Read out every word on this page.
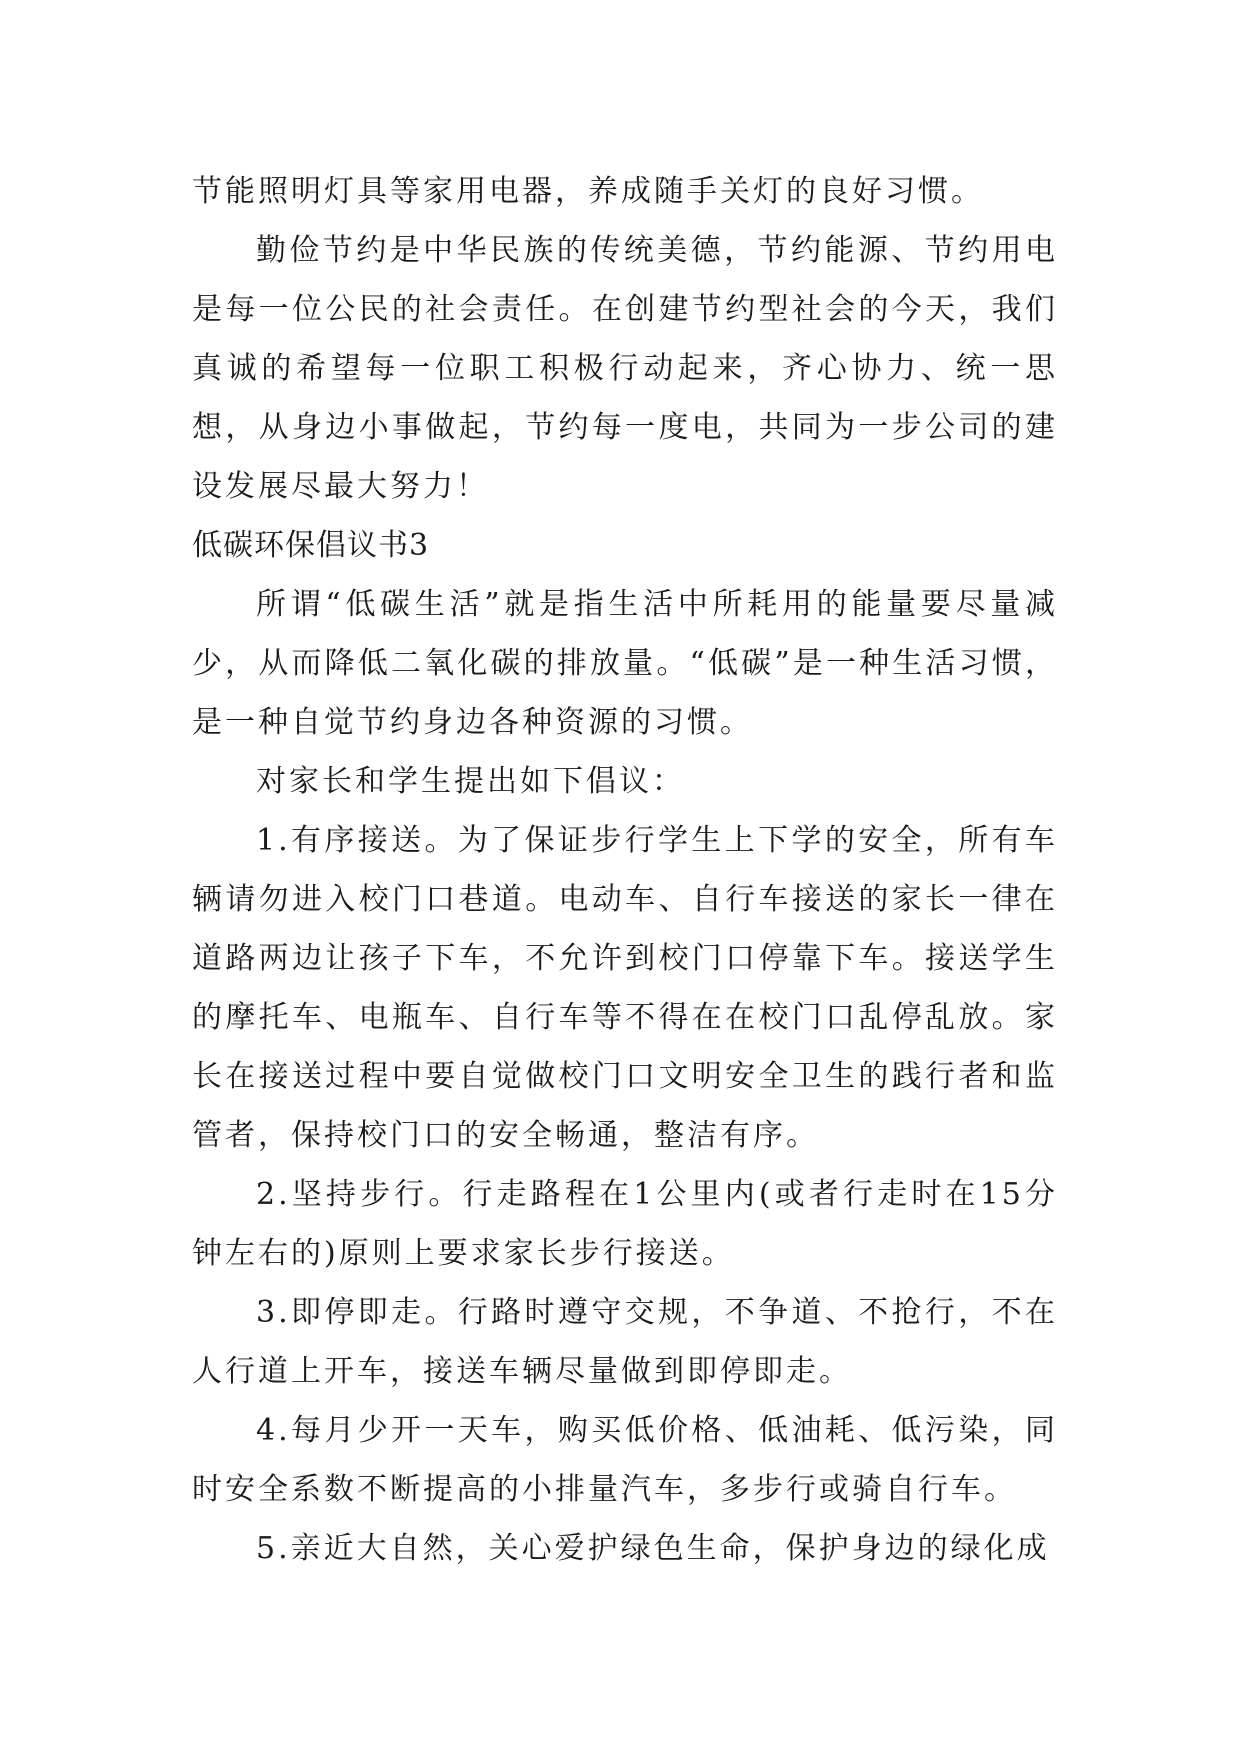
节能照明灯具等家用电器，养成随手关灯的良好习惯。

勤俭节约是中华民族的传统美德，节约能源、节约用电是每一位公民的社会责任。在创建节约型社会的今天，我们真诚的希望每一位职工积极行动起来，齐心协力、统一思想，从身边小事做起，节约每一度电，共同为一步公司的建设发展尽最大努力！

低碳环保倡议书3

所谓“低碳生活”就是指生活中所耗用的能量要尽量减少，从而降低二氧化碳的排放量。“低碳”是一种生活习惯，是一种自觉节约身边各种资源的习惯。

对家长和学生提出如下倡议：

1.有序接送。为了保证步行学生上下学的安全，所有车辆请勿进入校门口巷道。电动车、自行车接送的家长一律在道路两边让孩子下车，不允许到校门口停靠下车。接送学生的摩托车、电瓶车、自行车等不得在在校门口乱停乱放。家长在接送过程中要自觉做校门口文明安全卫生的践行者和监管者，保持校门口的安全畅通，整洁有序。

2.坚持步行。行走路程在1公里内(或者行走时在15分钟左右的)原则上要求家长步行接送。

3.即停即走。行路时遵守交规，不争道、不抢行，不在人行道上开车，接送车辆尽量做到即停即走。

4.每月少开一天车，购买低价格、低油耗、低污染，同时安全系数不断提高的小排量汽车，多步行或骑自行车。

5.亲近大自然，关心爱护绿色生命，保护身边的绿化成
